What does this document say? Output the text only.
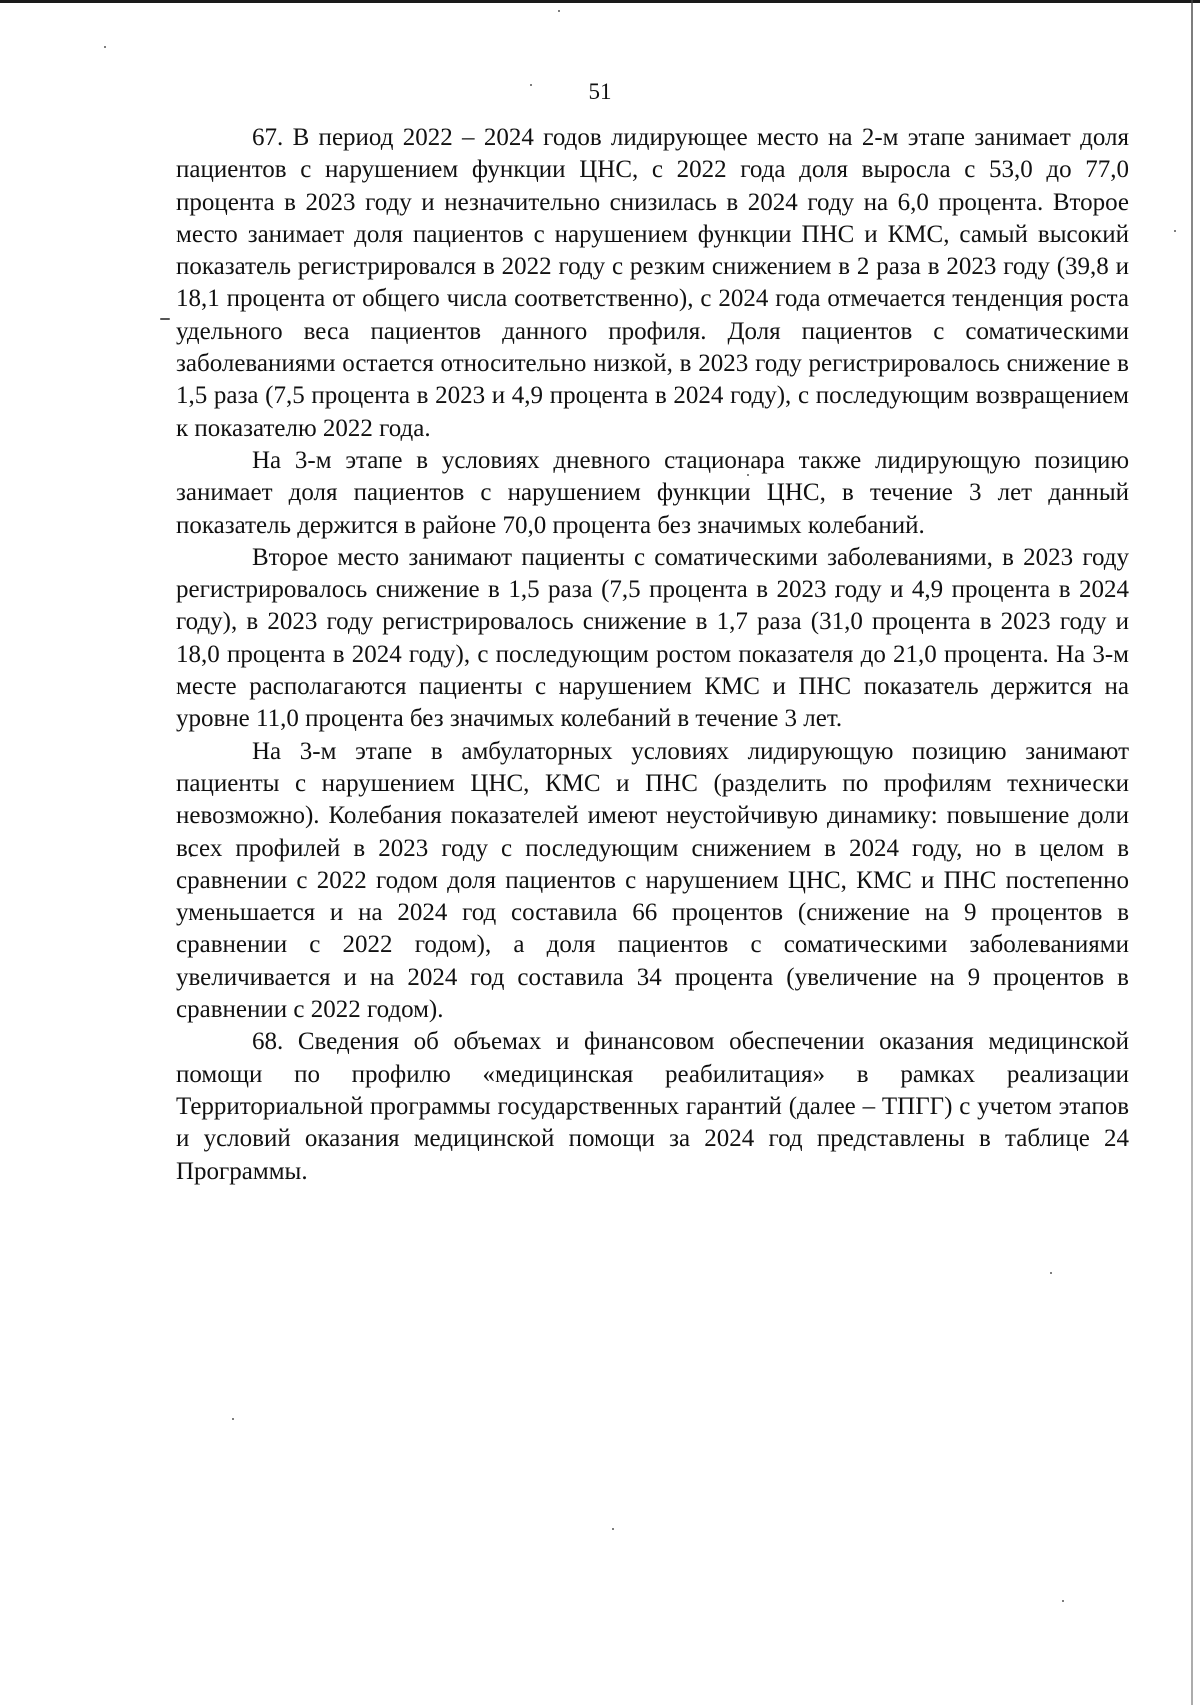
51

67. В период 2022 – 2024 годов лидирующее место на 2-м этапе занимает доля пациентов с нарушением функции ЦНС, с 2022 года доля выросла с 53,0 до 77,0 процента в 2023 году и незначительно снизилась в 2024 году на 6,0 процента. Второе место занимает доля пациентов с нарушением функции ПНС и КМС, самый высокий показатель регистрировался в 2022 году с резким снижением в 2 раза в 2023 году (39,8 и 18,1 процента от общего числа соответственно), с 2024 года отмечается тенденция роста удельного веса пациентов данного профиля. Доля пациентов с соматическими заболеваниями остается относительно низкой, в 2023 году регистрировалось снижение в 1,5 раза (7,5 процента в 2023 и 4,9 процента в 2024 году), с последующим возвращением к показателю 2022 года.

На 3-м этапе в условиях дневного стационара также лидирующую позицию занимает доля пациентов с нарушением функции ЦНС, в течение 3 лет данный показатель держится в районе 70,0 процента без значимых колебаний.

Второе место занимают пациенты с соматическими заболеваниями, в 2023 году регистрировалось снижение в 1,5 раза (7,5 процента в 2023 году и 4,9 процента в 2024 году), в 2023 году регистрировалось снижение в 1,7 раза (31,0 процента в 2023 году и 18,0 процента в 2024 году), с последующим ростом показателя до 21,0 процента. На 3-м месте располагаются пациенты с нарушением КМС и ПНС показатель держится на уровне 11,0 процента без значимых колебаний в течение 3 лет.

На 3-м этапе в амбулаторных условиях лидирующую позицию занимают пациенты с нарушением ЦНС, КМС и ПНС (разделить по профилям технически невозможно). Колебания показателей имеют неустойчивую динамику: повышение доли всех профилей в 2023 году с последующим снижением в 2024 году, но в целом в сравнении с 2022 годом доля пациентов с нарушением ЦНС, КМС и ПНС постепенно уменьшается и на 2024 год составила 66 процентов (снижение на 9 процентов в сравнении с 2022 годом), а доля пациентов с соматическими заболеваниями увеличивается и на 2024 год составила 34 процента (увеличение на 9 процентов в сравнении с 2022 годом).

68. Сведения об объемах и финансовом обеспечении оказания медицинской помощи по профилю «медицинская реабилитация» в рамках реализации Территориальной программы государственных гарантий (далее – ТПГГ) с учетом этапов и условий оказания медицинской помощи за 2024 год представлены в таблице 24 Программы.
